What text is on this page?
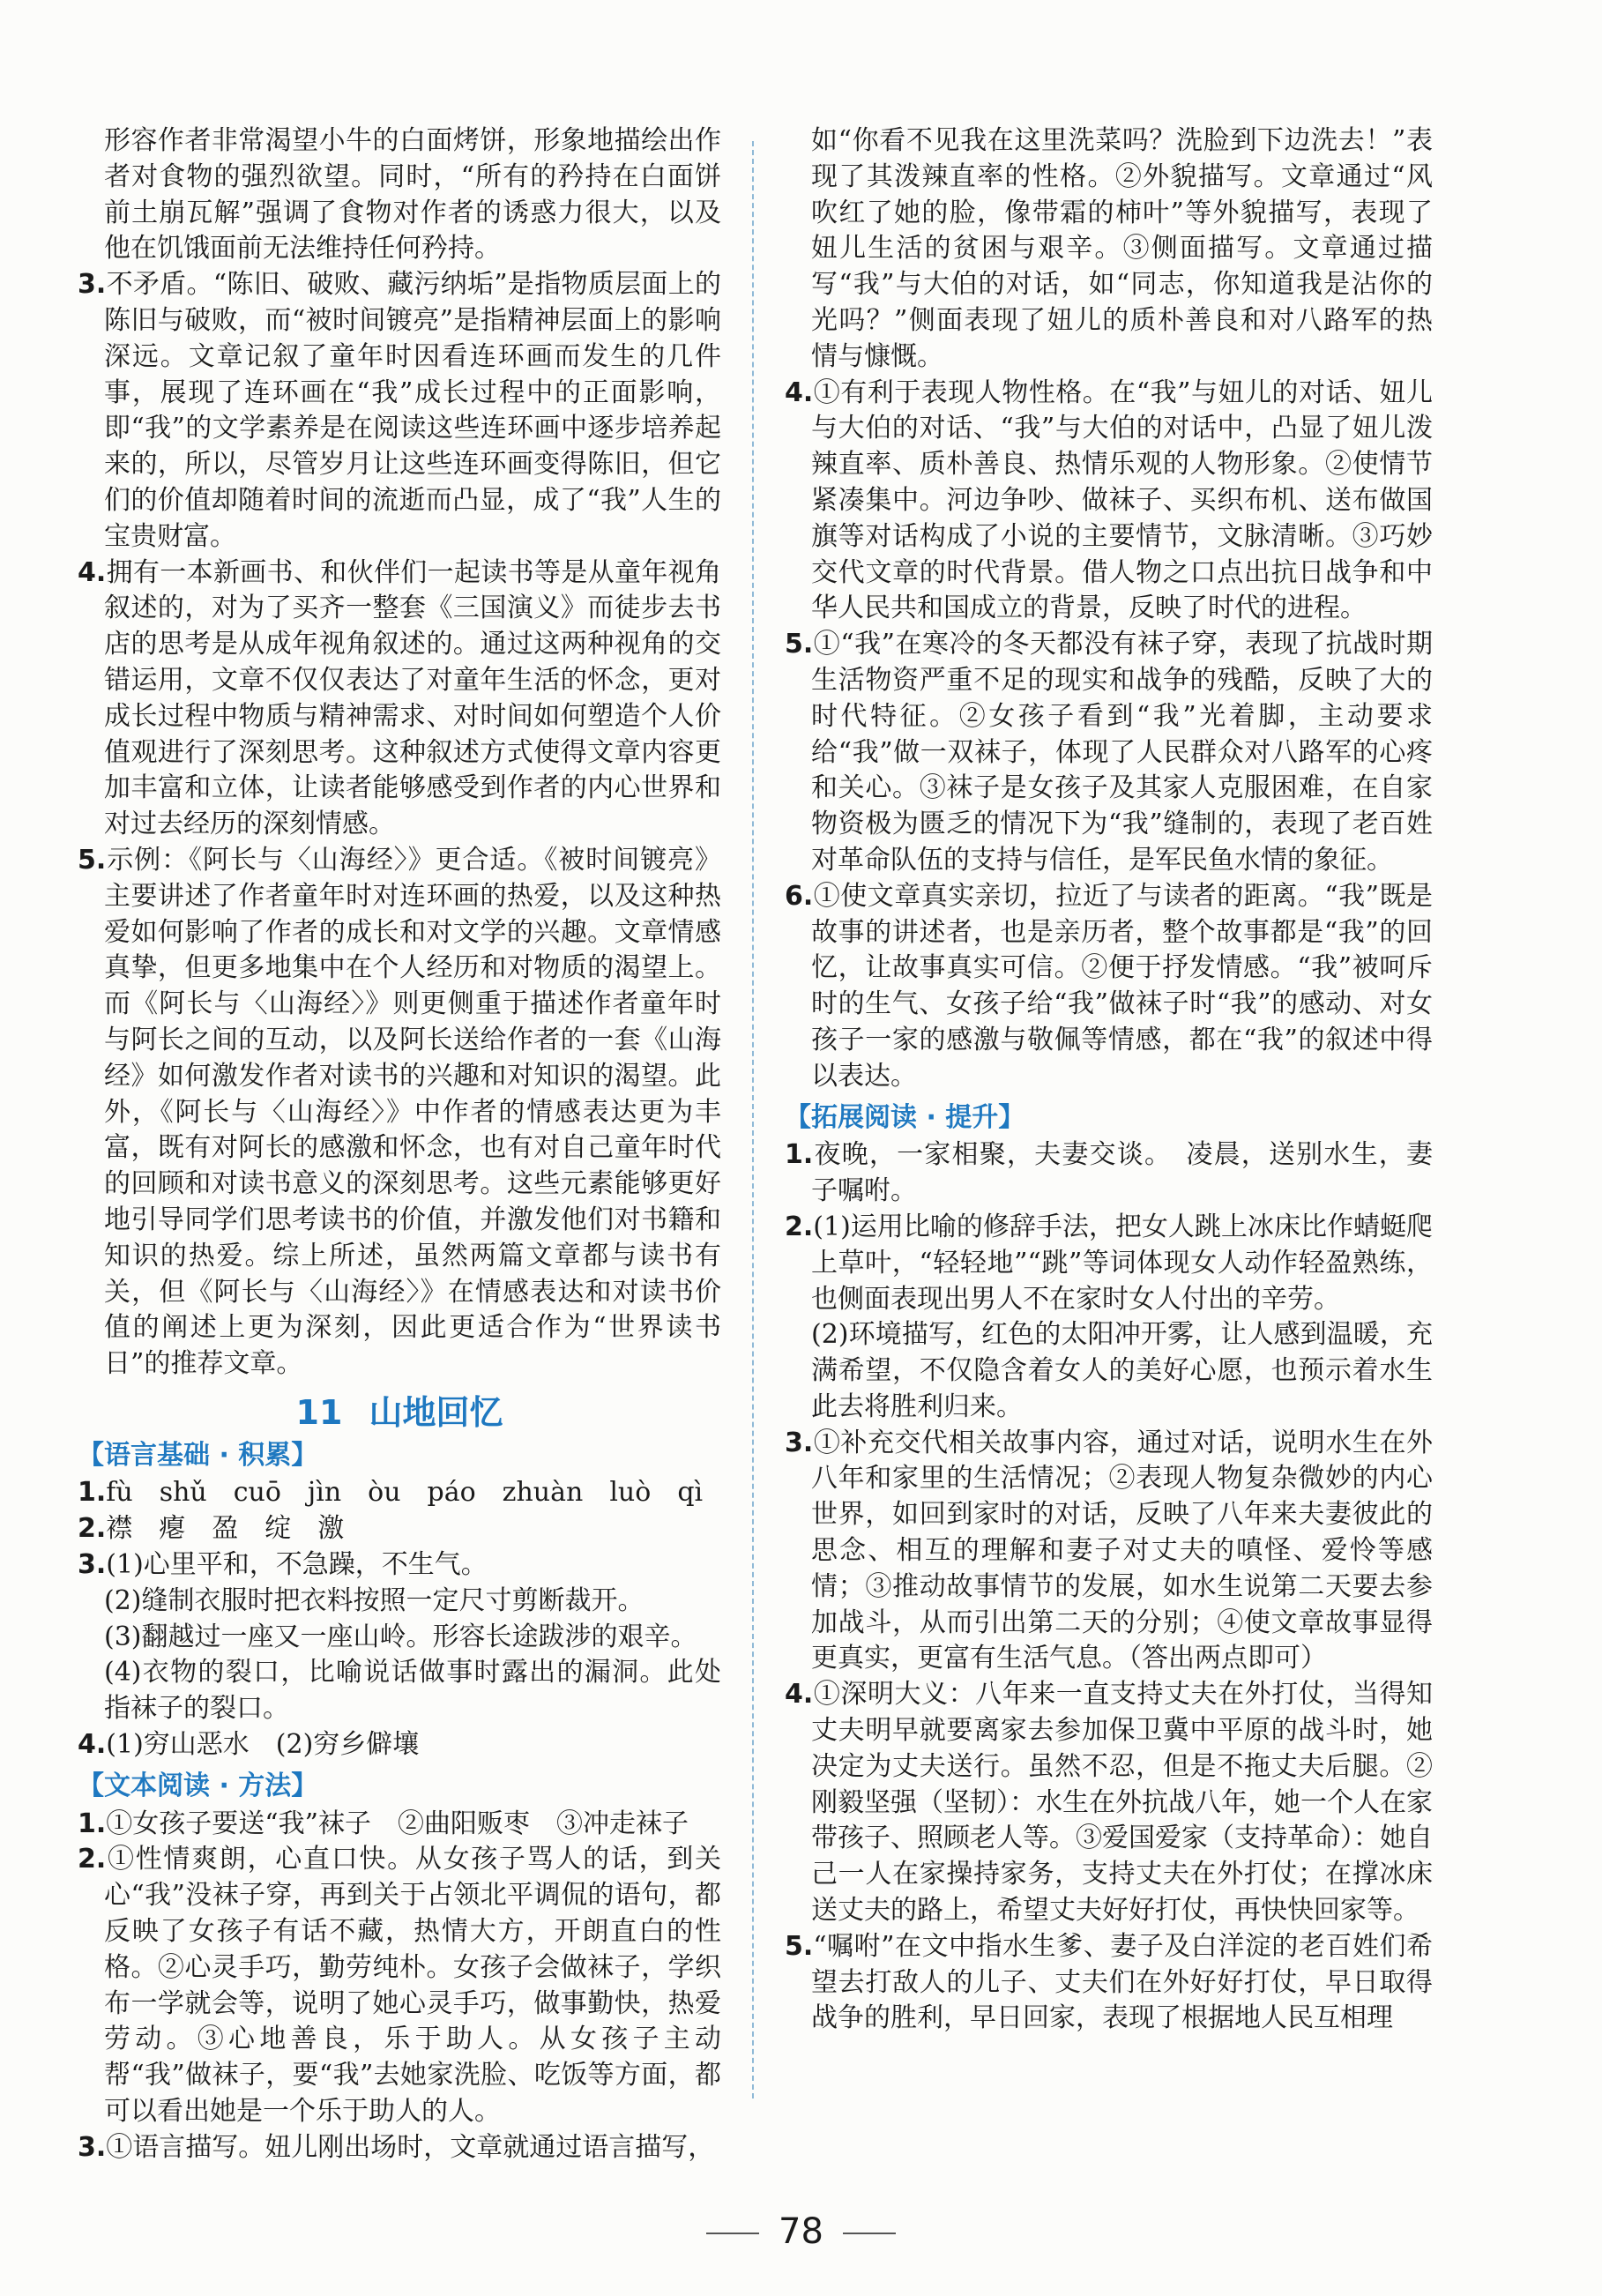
形容作者非常渴望小牛的白面烤饼，形象地描绘出作者对食物的强烈欲望。同时，“所有的矜持在白面饼前土崩瓦解”强调了食物对作者的诱惑力很大，以及他在饥饿面前无法维持任何矜持。

3.不矛盾。“陈旧、破败、藏污纳垢”是指物质层面上的陈旧与破败，而“被时间镀亮”是指精神层面上的影响深远。文章记叙了童年时因看连环画而发生的几件事，展现了连环画在“我”成长过程中的正面影响，即“我”的文学素养是在阅读这些连环画中逐步培养起来的，所以，尽管岁月让这些连环画变得陈旧，但它们的价值却随着时间的流逝而凸显，成了“我”人生的宝贵财富。

4.拥有一本新画书、和伙伴们一起读书等是从童年视角叙述的，对为了买齐一整套《三国演义》而徒步去书店的思考是从成年视角叙述的。通过这两种视角的交错运用，文章不仅仅表达了对童年生活的怀念，更对成长过程中物质与精神需求、对时间如何塑造个人价值观进行了深刻思考。这种叙述方式使得文章内容更加丰富和立体，让读者能够感受到作者的内心世界和对过去经历的深刻情感。

5.示例：《阿长与〈山海经〉》更合适。《被时间镀亮》主要讲述了作者童年时对连环画的热爱，以及这种热爱如何影响了作者的成长和对文学的兴趣。文章情感真挚，但更多地集中在个人经历和对物质的渴望上。而《阿长与〈山海经〉》则更侧重于描述作者童年时与阿长之间的互动，以及阿长送给作者的一套《山海经》如何激发作者对读书的兴趣和对知识的渴望。此外，《阿长与〈山海经〉》中作者的情感表达更为丰富，既有对阿长的感激和怀念，也有对自己童年时代的回顾和对读书意义的深刻思考。这些元素能够更好地引导同学们思考读书的价值，并激发他们对书籍和知识的热爱。综上所述，虽然两篇文章都与读书有关，但《阿长与〈山海经〉》在情感表达和对读书价值的阐述上更为深刻，因此更适合作为“世界读书日”的推荐文章。

11 山地回忆
【语言基础 · 积累】

1.fù　shǔ　cuō　jìn　òu　páo　zhuàn　luò　qì

2.襟　瘪　盈　绽　激

3.(1)心里平和，不急躁，不生气。

(2)缝制衣服时把衣料按照一定尺寸剪断裁开。

(3)翻越过一座又一座山岭。形容长途跋涉的艰辛。

(4)衣物的裂口，比喻说话做事时露出的漏洞。此处指袜子的裂口。

4.(1)穷山恶水　(2)穷乡僻壤

【文本阅读 · 方法】

1.①女孩子要送“我”袜子　②曲阳贩枣　③冲走袜子

2.①性情爽朗，心直口快。从女孩子骂人的话，到关心“我”没袜子穿，再到关于占领北平调侃的语句，都反映了女孩子有话不藏，热情大方，开朗直白的性格。②心灵手巧，勤劳纯朴。女孩子会做袜子，学织布一学就会等，说明了她心灵手巧，做事勤快，热爱劳动。③心地善良，乐于助人。从女孩子主动帮“我”做袜子，要“我”去她家洗脸、吃饭等方面，都可以看出她是一个乐于助人的人。

3.①语言描写。妞儿刚出场时，文章就通过语言描写，

如“你看不见我在这里洗菜吗？洗脸到下边洗去！”表现了其泼辣直率的性格。②外貌描写。文章通过“风吹红了她的脸，像带霜的柿叶”等外貌描写，表现了妞儿生活的贫困与艰辛。③侧面描写。文章通过描写“我”与大伯的对话，如“同志，你知道我是沾你的光吗？”侧面表现了妞儿的质朴善良和对八路军的热情与慷慨。

4.①有利于表现人物性格。在“我”与妞儿的对话、妞儿与大伯的对话、“我”与大伯的对话中，凸显了妞儿泼辣直率、质朴善良、热情乐观的人物形象。②使情节紧凑集中。河边争吵、做袜子、买织布机、送布做国旗等对话构成了小说的主要情节，文脉清晰。③巧妙交代文章的时代背景。借人物之口点出抗日战争和中华人民共和国成立的背景，反映了时代的进程。

5.①“我”在寒冷的冬天都没有袜子穿，表现了抗战时期生活物资严重不足的现实和战争的残酷，反映了大的时代特征。②女孩子看到“我”光着脚，主动要求给“我”做一双袜子，体现了人民群众对八路军的心疼和关心。③袜子是女孩子及其家人克服困难，在自家物资极为匮乏的情况下为“我”缝制的，表现了老百姓对革命队伍的支持与信任，是军民鱼水情的象征。

6.①使文章真实亲切，拉近了与读者的距离。“我”既是故事的讲述者，也是亲历者，整个故事都是“我”的回忆，让故事真实可信。②便于抒发情感。“我”被呵斥时的生气、女孩子给“我”做袜子时“我”的感动、对女孩子一家的感激与敬佩等情感，都在“我”的叙述中得以表达。

【拓展阅读 · 提升】

1.夜晚，一家相聚，夫妻交谈。　凌晨，送别水生，妻子嘱咐。

2.(1)运用比喻的修辞手法，把女人跳上冰床比作蜻蜓爬上草叶，“轻轻地”“跳”等词体现女人动作轻盈熟练，也侧面表现出男人不在家时女人付出的辛劳。

(2)环境描写，红色的太阳冲开雾，让人感到温暖，充满希望，不仅隐含着女人的美好心愿，也预示着水生此去将胜利归来。

3.①补充交代相关故事内容，通过对话，说明水生在外八年和家里的生活情况；②表现人物复杂微妙的内心世界，如回到家时的对话，反映了八年来夫妻彼此的思念、相互的理解和妻子对丈夫的嗔怪、爱怜等感情；③推动故事情节的发展，如水生说第二天要去参加战斗，从而引出第二天的分别；④使文章故事显得更真实，更富有生活气息。（答出两点即可）

4.①深明大义：八年来一直支持丈夫在外打仗，当得知丈夫明早就要离家去参加保卫冀中平原的战斗时，她决定为丈夫送行。虽然不忍，但是不拖丈夫后腿。②刚毅坚强（坚韧）：水生在外抗战八年，她一个人在家带孩子、照顾老人等。③爱国爱家（支持革命）：她自己一人在家操持家务，支持丈夫在外打仗；在撑冰床送丈夫的路上，希望丈夫好好打仗，再快快回家等。

5.“嘱咐”在文中指水生爹、妻子及白洋淀的老百姓们希望去打敌人的儿子、丈夫们在外好好打仗，早日取得战争的胜利，早日回家，表现了根据地人民互相理

78
